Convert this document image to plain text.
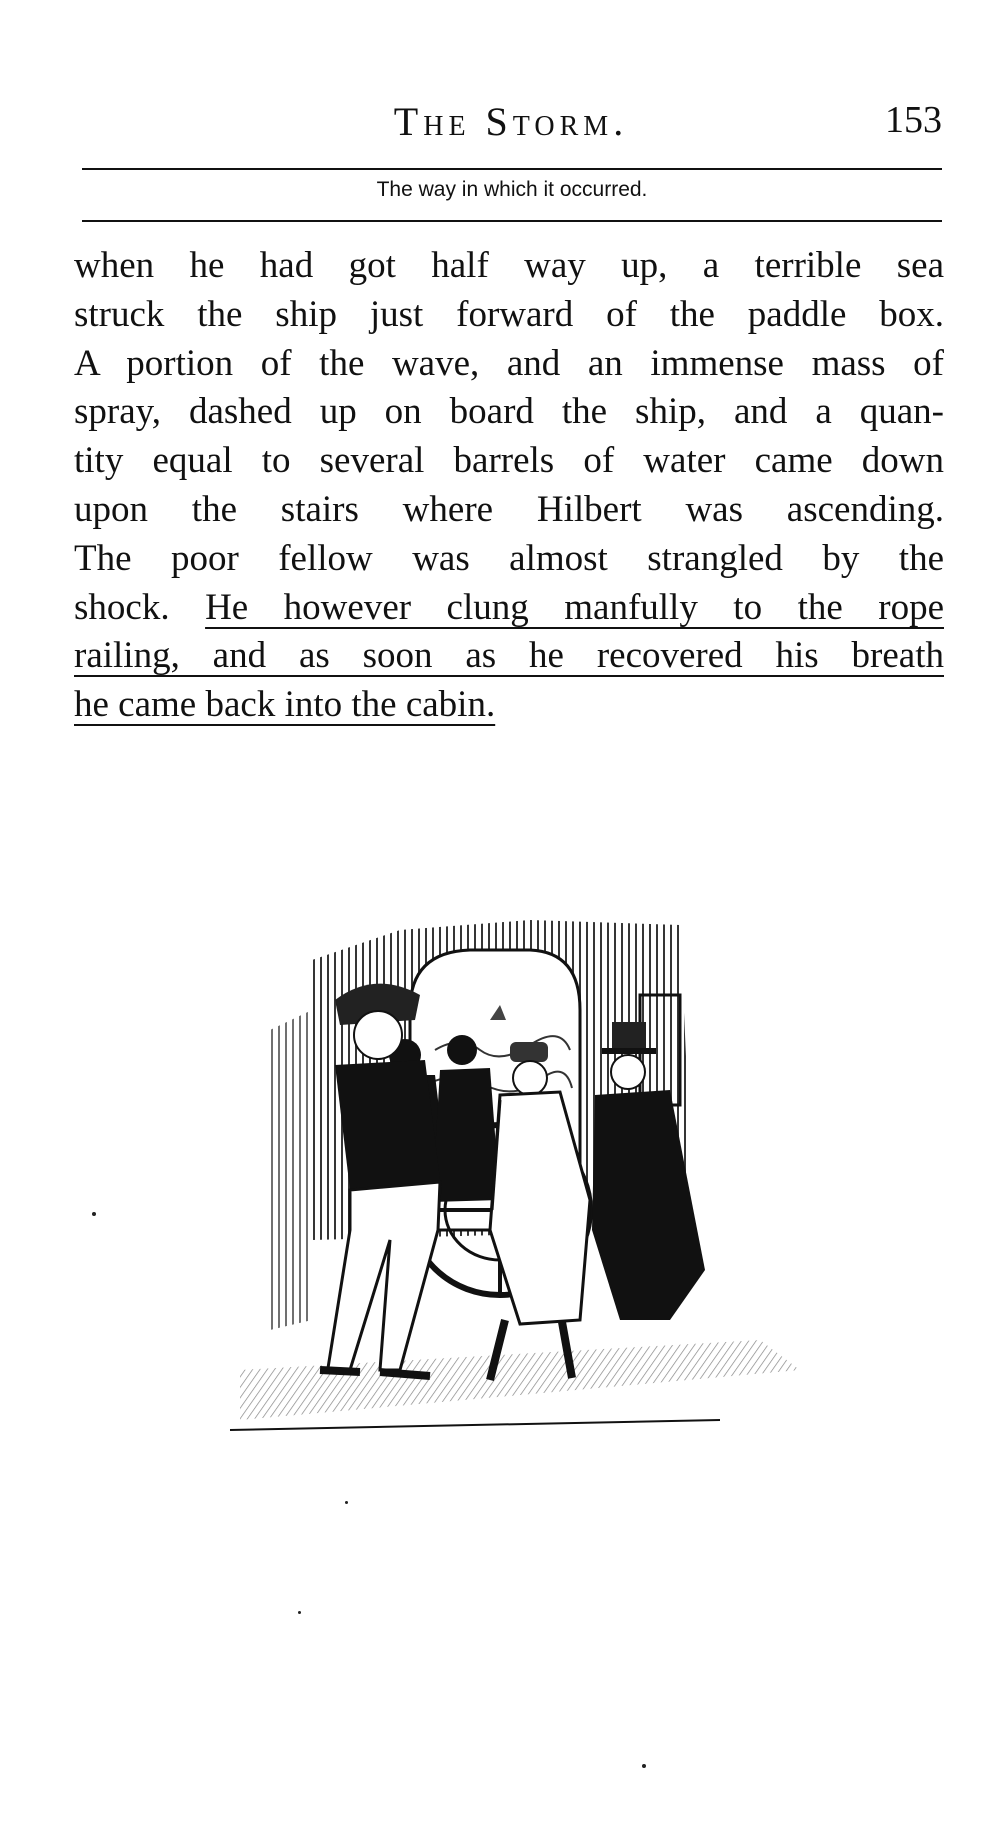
The Storm.	153
The way in which it occurred.
when he had got half way up, a terrible sea
struck the ship just forward of the paddle box.
A portion of the wave, and an immense mass of
spray, dashed up on board the ship, and a quan-
tity equal to several barrels of water came down
upon the stairs where Hilbert was ascending.
The poor fellow was almost strangled by the
shock. He however clung manfully to the rope
railing, and as soon as he recovered his breath
he came back into the cabin.
